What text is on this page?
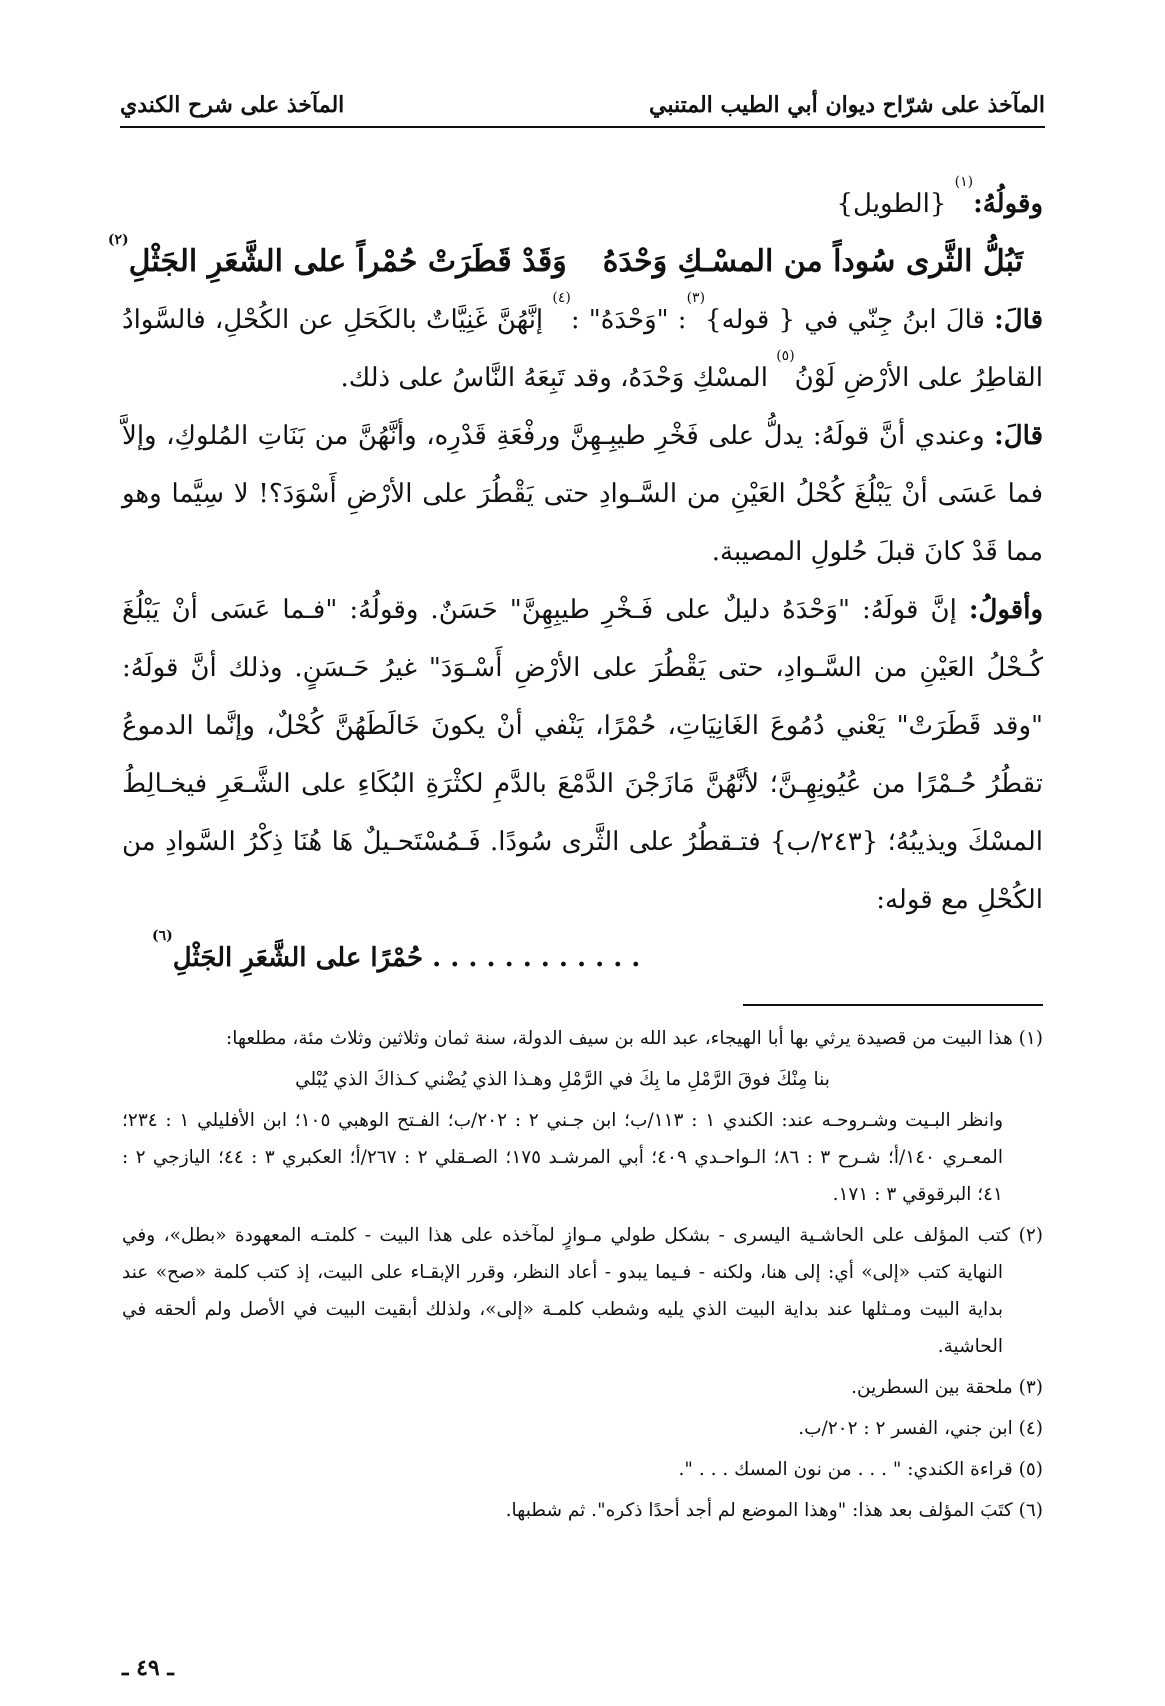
المآخذ على شرّاح ديوان أبي الطيب المتنبي
المآخذ على شرح الكندي

وقولُهُ:$^{(١)}$ {الطويل}

تَبُلُّ الثَّرى سُوداً من المسْـكِ وَحْدَهُوَقَدْ قَطَرَتْ حُمْراً على الشَّعَرِ الجَثْلِ$^{(٢)}$

قالَ: قالَ ابنُ جِنّي في { قوله}$^{(٣)}$: "وَحْدَهُ" :$^{(٤)}$ إنَّهُنَّ غَنِيَّاتٌ بالكَحَلِ عن الكُحْلِ، فالسَّوادُ القاطِرُ على الأرْضِ لَوْنُ$^{(٥)}$ المسْكِ وَحْدَهُ، وقد تَبِعَهُ النَّاسُ على ذلك.

قالَ: وعندي أنَّ قولَهُ: يدلُّ على فَخْرِ طيبِـهِنَّ ورفْعَةِ قَدْرِه، وأنَّهُنَّ من بَنَاتِ المُلوكِ، وإلاَّ فما عَسَى أنْ يَبْلُغَ كُحْلُ العَيْنِ من السَّـوادِ حتى يَقْطُرَ على الأرْضِ أَسْوَدَ؟! لا سِيَّما وهو مما قَدْ كانَ قبلَ حُلولِ المصيبة.

وأقولُ: إنَّ قولَهُ: "وَحْدَهُ دليلٌ على فَـخْرِ طيبِهِنَّ" حَسَنٌ. وقولُهُ: "فـما عَسَى أنْ يَبْلُغَ كُـحْلُ العَيْنِ من السَّـوادِ، حتى يَقْطُرَ على الأرْضِ أَسْـوَدَ" غيرُ حَـسَنٍ. وذلك أنَّ قولَهُ: "وقد قَطَرَتْ" يَعْني دُمُوعَ الغَانِيَاتِ، حُمْرًا، يَنْفي أنْ يكونَ خَالَطَهُنَّ كُحْلٌ، وإنَّما الدموعُ تقطُرُ حُـمْرًا من عُيُونِهِـنَّ؛ لأنَّهُنَّ مَازَجْنَ الدَّمْعَ بالدَّمِ لكثْرَةِ البُكَاءِ على الشَّـعَرِ فيخـالِطُ المسْكَ ويذيبُهُ؛ {٢٤٣/ب} فتـقطُرُ على الثَّرى سُودًا. فَـمُسْتَحـيلٌ هَا هُنَا ذِكْرُ السَّوادِ من الكُحْلِ مع قوله:

. . . . . . . . . . . . حُمْرًا على الشَّعَرِ الجَثْلِ$^{(٦)}$

(١) هذا البيت من قصيدة يرثي بها أبا الهيجاء، عبد الله بن سيف الدولة، سنة ثمان وثلاثين وثلاث مئة، مطلعها:

بنا مِنْكَ فوقَ الرَّمْلِ ما بِكَ في الرَّمْلِ وهـذا الذي يُضْني كـذاكَ الذي يُبْلي

وانظر البـيت وشـروحـه عند: الكندي ١ : ١١٣/ب؛ ابن جـني ٢ : ٢٠٢/ب؛ الفـتح الوهبي ١٠٥؛ ابن الأفليلي ١ : ٢٣٤؛ المعـري ١٤٠/أ؛ شـرح ٣ : ٨٦؛ الـواحـدي ٤٠٩؛ أبي المرشـد ١٧٥؛ الصـقلي ٢ : ٢٦٧/أ؛ العكبري ٣ : ٤٤؛ اليازجي ٢ : ٤١؛ البرقوقي ٣ : ١٧١.

(٢) كتب المؤلف على الحاشـية اليسرى - بشكل طولي مـوازٍ لمآخذه على هذا البيت - كلمتـه المعهودة «بطل»، وفي النهاية كتب «إلى» أي: إلى هنا، ولكنه - فـيما يبدو - أعاد النظر، وقرر الإبقـاء على البيت، إذ كتب كلمة «صح» عند بداية البيت ومـثلها عند بداية البيت الذي يليه وشطب كلمـة «إلى»، ولذلك أبقيت البيت في الأصل ولم ألحقه في الحاشية.

(٣) ملحقة بين السطرين.

(٤) ابن جني، الفسر ٢ : ٢٠٢/ب.

(٥) قراءة الكندي: " . . . من نون المسك . . . ".

(٦) كتَبَ المؤلف بعد هذا: "وهذا الموضع لم أجد أحدًا ذكره". ثم شطبها.

ـ ٤٩ ـ
